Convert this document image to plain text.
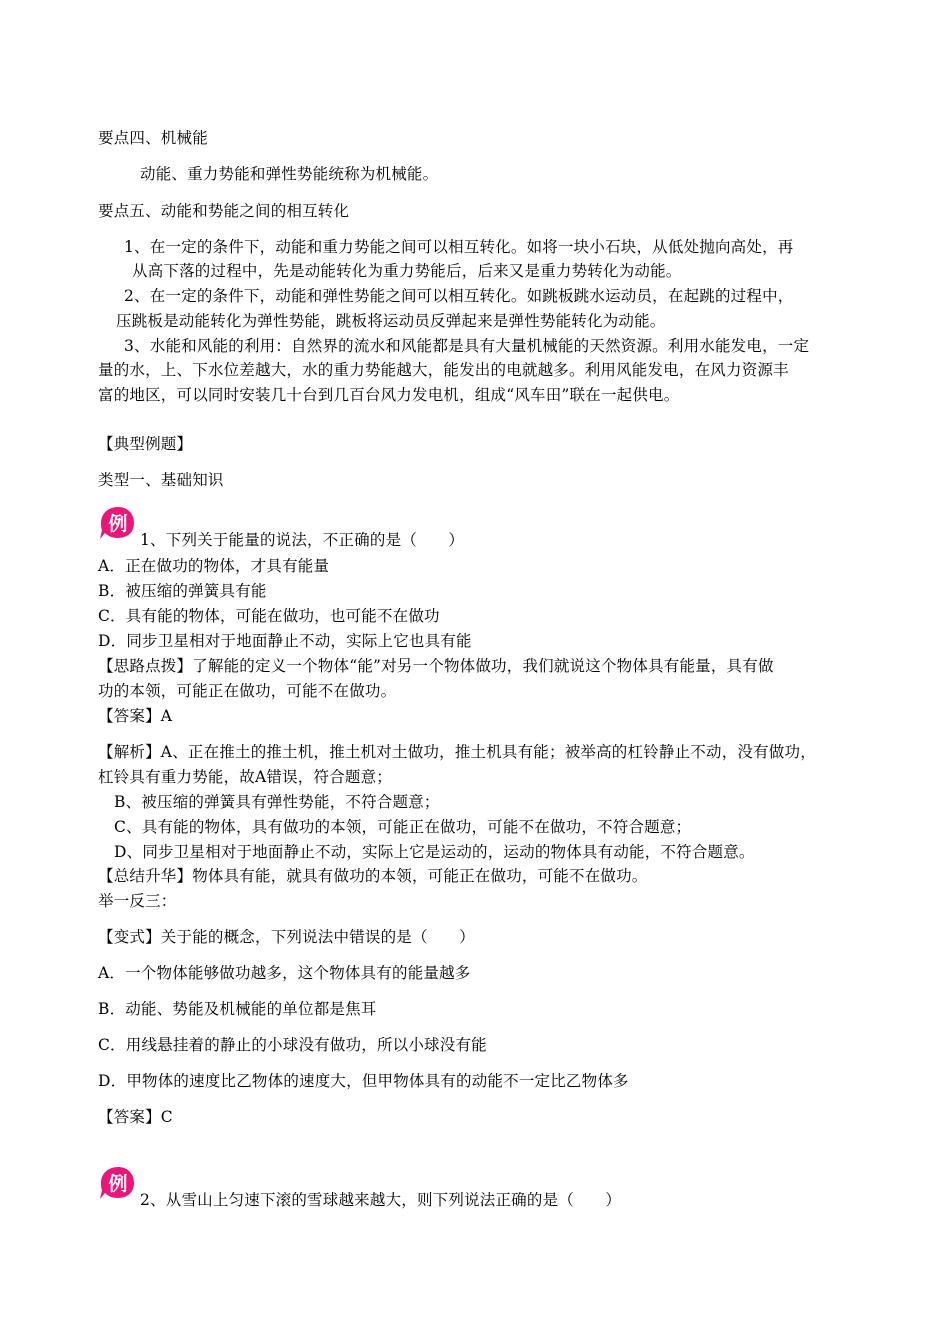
要点四、机械能
动能、重力势能和弹性势能统称为机械能。
要点五、动能和势能之间的相互转化
1、在一定的条件下，动能和重力势能之间可以相互转化。如将一块小石块，从低处抛向高处，再
从高下落的过程中，先是动能转化为重力势能后，后来又是重力势转化为动能。
2、在一定的条件下，动能和弹性势能之间可以相互转化。如跳板跳水运动员，在起跳的过程中，
压跳板是动能转化为弹性势能，跳板将运动员反弹起来是弹性势能转化为动能。
3、水能和风能的利用：自然界的流水和风能都是具有大量机械能的天然资源。利用水能发电，一定
量的水，上、下水位差越大，水的重力势能越大，能发出的电就越多。利用风能发电，在风力资源丰
富的地区，可以同时安装几十台到几百台风力发电机，组成“风车田”联在一起供电。
【典型例题】
类型一、基础知识
例
1、下列关于能量的说法，不正确的是（　　）
A．正在做功的物体，才具有能量
B．被压缩的弹簧具有能
C．具有能的物体，可能在做功，也可能不在做功
D．同步卫星相对于地面静止不动，实际上它也具有能
【思路点拨】了解能的定义一个物体“能”对另一个物体做功，我们就说这个物体具有能量，具有做
功的本领，可能正在做功，可能不在做功。
【答案】A
【解析】A、正在推土的推土机，推土机对土做功，推土机具有能；被举高的杠铃静止不动，没有做功，
杠铃具有重力势能，故A错误，符合题意；
B、被压缩的弹簧具有弹性势能，不符合题意；
C、具有能的物体，具有做功的本领，可能正在做功，可能不在做功，不符合题意；
D、同步卫星相对于地面静止不动，实际上它是运动的，运动的物体具有动能，不符合题意。
【总结升华】物体具有能，就具有做功的本领，可能正在做功，可能不在做功。
举一反三：
【变式】关于能的概念，下列说法中错误的是（　　）
A．一个物体能够做功越多，这个物体具有的能量越多
B．动能、势能及机械能的单位都是焦耳
C．用线悬挂着的静止的小球没有做功，所以小球没有能
D．甲物体的速度比乙物体的速度大，但甲物体具有的动能不一定比乙物体多
【答案】C
例
2、从雪山上匀速下滚的雪球越来越大，则下列说法正确的是（　　）
